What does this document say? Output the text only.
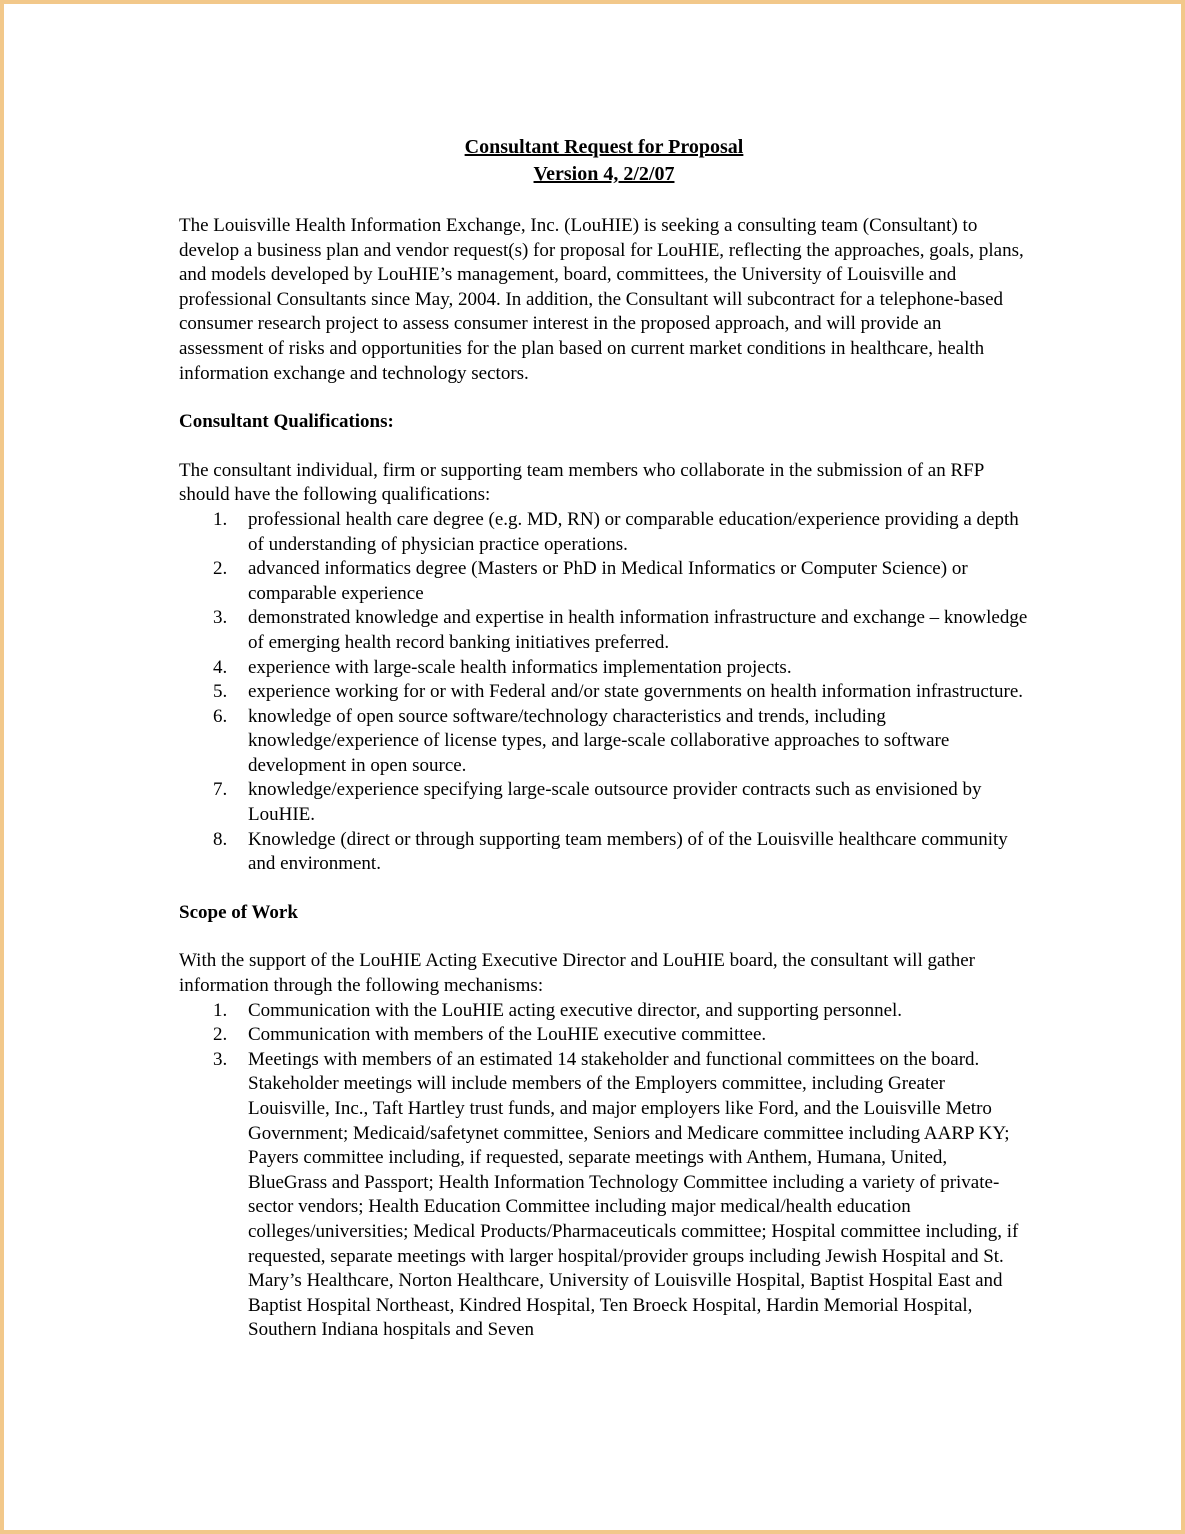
Consultant Request for Proposal
Version 4, 2/2/07

The Louisville Health Information Exchange, Inc. (LouHIE) is seeking a consulting team (Consultant) to develop a business plan and vendor request(s) for proposal for LouHIE, reflecting the approaches, goals, plans, and models developed by LouHIE’s management, board, committees, the University of Louisville and professional Consultants since May, 2004. In addition, the Consultant will subcontract for a telephone-based consumer research project to assess consumer interest in the proposed approach, and will provide an assessment of risks and opportunities for the plan based on current market conditions in healthcare, health information exchange and technology sectors.

Consultant Qualifications:

The consultant individual, firm or supporting team members who collaborate in the submission of an RFP should have the following qualifications:

1. professional health care degree (e.g. MD, RN) or comparable education/experience providing a depth of understanding of physician practice operations.
2. advanced informatics degree (Masters or PhD in Medical Informatics or Computer Science) or comparable experience
3. demonstrated knowledge and expertise in health information infrastructure and exchange – knowledge of emerging health record banking initiatives preferred.
4. experience with large-scale health informatics implementation projects.
5. experience working for or with Federal and/or state governments on health information infrastructure.
6. knowledge of open source software/technology characteristics and trends, including knowledge/experience of license types, and large-scale collaborative approaches to software development in open source.
7. knowledge/experience specifying large-scale outsource provider contracts such as envisioned by LouHIE.
8. Knowledge (direct or through supporting team members) of of the Louisville healthcare community and environment.
Scope of Work

With the support of the LouHIE Acting Executive Director and LouHIE board, the consultant will gather information through the following mechanisms:

1. Communication with the LouHIE acting executive director, and supporting personnel.
2. Communication with members of the LouHIE executive committee.
3. Meetings with members of an estimated 14 stakeholder and functional committees on the board. Stakeholder meetings will include members of the Employers committee, including Greater Louisville, Inc., Taft Hartley trust funds, and major employers like Ford, and the Louisville Metro Government; Medicaid/safetynet committee, Seniors and Medicare committee including AARP KY; Payers committee including, if requested, separate meetings with Anthem, Humana, United, BlueGrass and Passport; Health Information Technology Committee including a variety of private-sector vendors; Health Education Committee including major medical/health education colleges/universities; Medical Products/Pharmaceuticals committee; Hospital committee including, if requested, separate meetings with larger hospital/provider groups including Jewish Hospital and St. Mary’s Healthcare, Norton Healthcare, University of Louisville Hospital, Baptist Hospital East and Baptist Hospital Northeast, Kindred Hospital, Ten Broeck Hospital, Hardin Memorial Hospital, Southern Indiana hospitals and Seven
